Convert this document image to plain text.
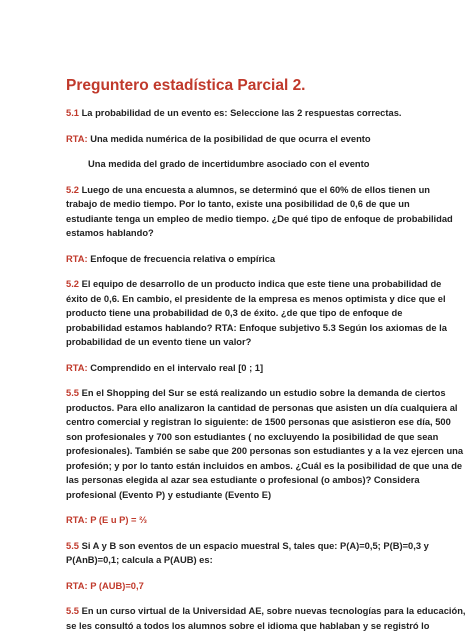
Preguntero estadística Parcial 2.
5.1 La probabilidad de un evento es: Seleccione las 2 respuestas correctas.
RTA: Una medida numérica de la posibilidad de que ocurra el evento
Una medida del grado de incertidumbre asociado con el evento
5.2 Luego de una encuesta a alumnos, se determinó que el 60% de ellos tienen un
trabajo de medio tiempo. Por lo tanto, existe una posibilidad de 0,6 de que un
estudiante tenga un empleo de medio tiempo. ¿De qué tipo de enfoque de probabilidad
estamos hablando?
RTA: Enfoque de frecuencia relativa o empírica
5.2 El equipo de desarrollo de un producto indica que este tiene una probabilidad de
éxito de 0,6. En cambio, el presidente de la empresa es menos optimista y dice que el
producto tiene una probabilidad de 0,3 de éxito. ¿de que tipo de enfoque de
probabilidad estamos hablando? RTA: Enfoque subjetivo 5.3 Según los axiomas de la
probabilidad de un evento tiene un valor?
RTA: Comprendido en el intervalo real [0 ; 1]
5.5 En el Shopping del Sur se está realizando un estudio sobre la demanda de ciertos
productos. Para ello analizaron la cantidad de personas que asisten un día cualquiera al
centro comercial y registran lo siguiente: de 1500 personas que asistieron ese día, 500
son profesionales y 700 son estudiantes ( no excluyendo la posibilidad de que sean
profesionales). También se sabe que 200 personas son estudiantes y a la vez ejercen una
profesión; y por lo tanto están incluidos en ambos. ¿Cuál es la posibilidad de que una de
las personas elegida al azar sea estudiante o profesional (o ambos)? Considera
profesional (Evento P) y estudiante (Evento E)
RTA: P (E u P) = ⅔
5.5 Si A y B son eventos de un espacio muestral S, tales que: P(A)=0,5; P(B)=0,3 y
P(AnB)=0,1; calcula a P(AUB) es:
RTA: P (AUB)=0,7
5.5 En un curso virtual de la Universidad AE, sobre nuevas tecnologías para la educación,
se les consultó a todos los alumnos sobre el idioma que hablaban y se registró lo
